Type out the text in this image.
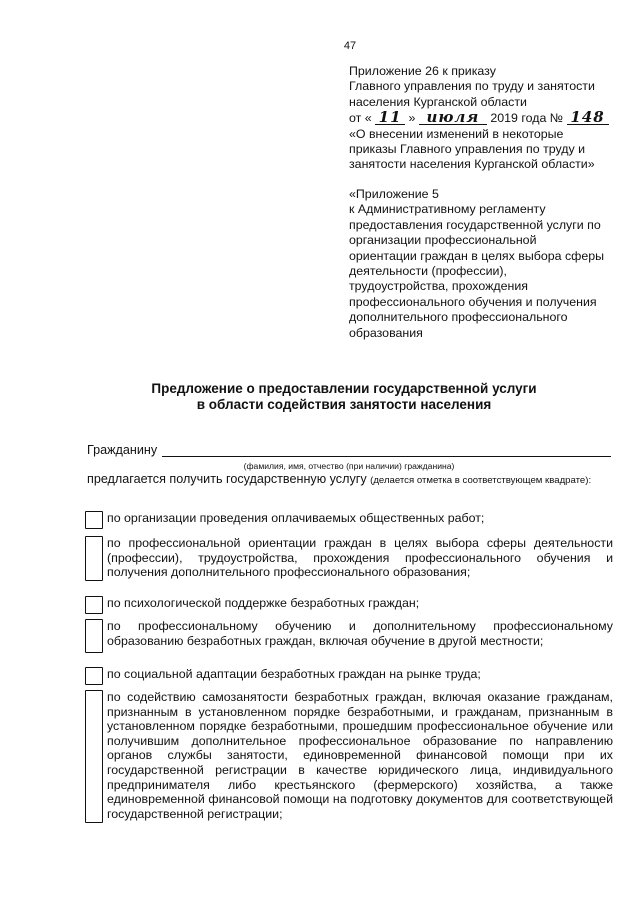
47
Приложение 26 к приказу
Главного управления по труду и занятости
населения Курганской области
от « 11 » июля 2019 года № 148
«О внесении изменений в некоторые
приказы Главного управления по труду и
занятости населения Курганской области»
«Приложение 5
к Административному регламенту
предоставления государственной услуги по
организации профессиональной
ориентации граждан в целях выбора сферы
деятельности (профессии),
трудоустройства, прохождения
профессионального обучения и получения
дополнительного профессионального
образования
Предложение о предоставлении государственной услуги
в области содействия занятости населения
Гражданину
(фамилия, имя, отчество (при наличии) гражданина)
предлагается получить государственную услугу (делается отметка в соответствующем квадрате):
по организации проведения оплачиваемых общественных работ;
по профессиональной ориентации граждан в целях выбора сферы деятельности (профессии), трудоустройства, прохождения профессионального обучения и получения дополнительного профессионального образования;
по психологической поддержке безработных граждан;
по профессиональному обучению и дополнительному профессиональному образованию безработных граждан, включая обучение в другой местности;
по социальной адаптации безработных граждан на рынке труда;
по содействию самозанятости безработных граждан, включая оказание гражданам, признанным в установленном порядке безработными, и гражданам, признанным в установленном порядке безработными, прошедшим профессиональное обучение или получившим дополнительное профессиональное образование по направлению органов службы занятости, единовременной финансовой помощи при их государственной регистрации в качестве юридического лица, индивидуального предпринимателя либо крестьянского (фермерского) хозяйства, а также единовременной финансовой помощи на подготовку документов для соответствующей государственной регистрации;
